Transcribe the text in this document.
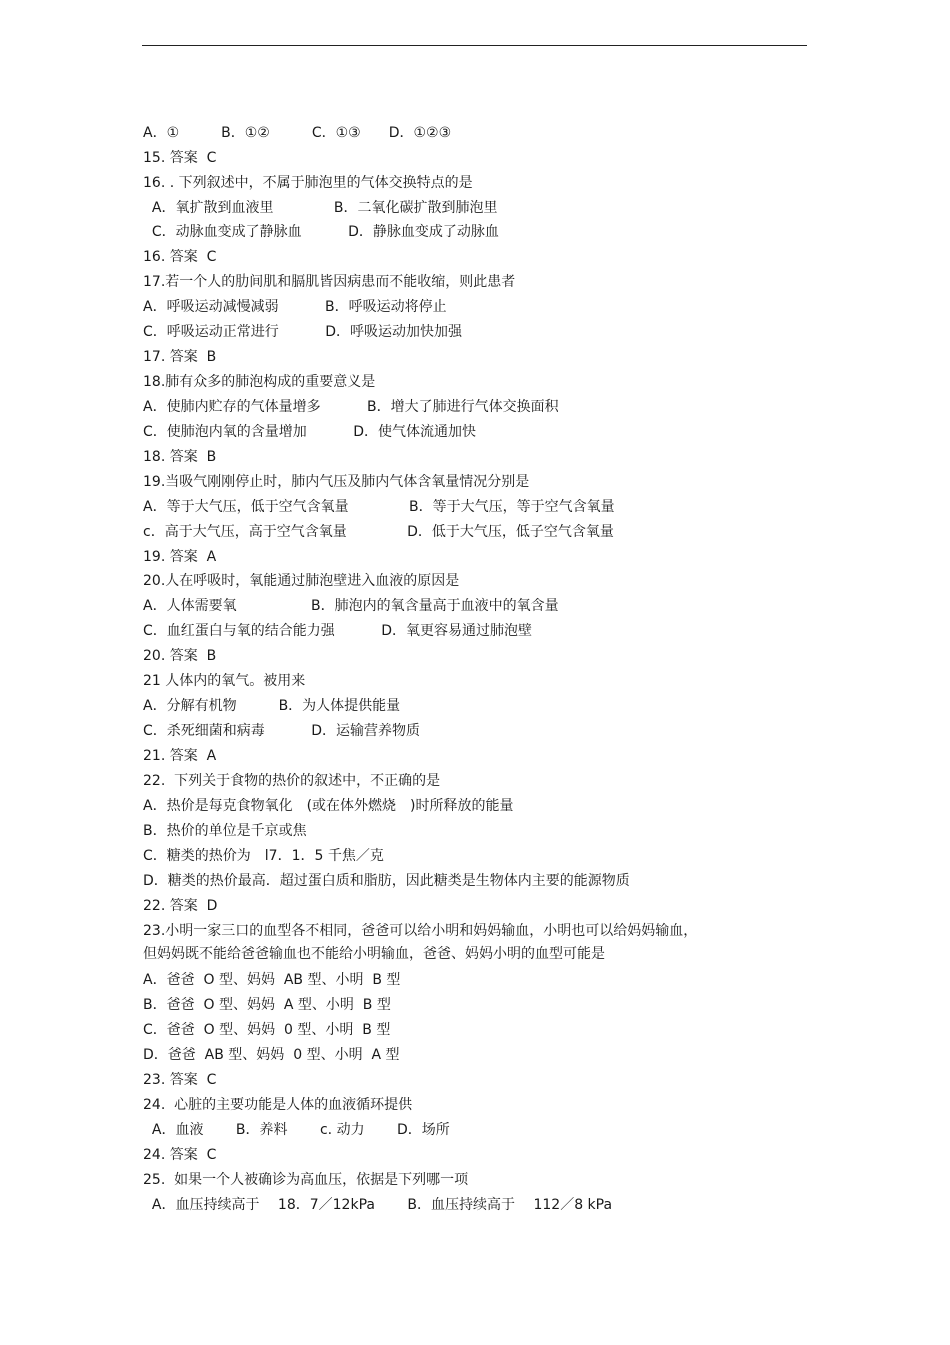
A．①　　　B．①②　　　C．①③　　D．①②③
15. 答案  C
16. . 下列叙述中，不属于肺泡里的气体交换特点的是
A．氧扩散到血液里　　　　 B．二氧化碳扩散到肺泡里
C．动脉血变成了静脉血　　　 D．静脉血变成了动脉血
16. 答案  C
17.若一个人的肋间肌和膈肌皆因病患而不能收缩，则此患者
A．呼吸运动减慢减弱　　　 B．呼吸运动将停止
C．呼吸运动正常进行　　　 D．呼吸运动加快加强
17. 答案  B
18.肺有众多的肺泡构成的重要意义是
A．使肺内贮存的气体量增多　　　 B．增大了肺进行气体交换面积
C．使肺泡内氧的含量增加　　　 D．使气体流通加快
18. 答案  B
19.当吸气刚刚停止时，肺内气压及肺内气体含氧量情况分别是
A．等于大气压，低于空气含氧量　　　　 B．等于大气压，等于空气含氧量
c．高于大气压，高于空气含氧量　　　　 D．低于大气压，低子空气含氧量
19. 答案  A
20.人在呼吸时，氧能通过肺泡壁进入血液的原因是
A．人体需要氧　　　　　 B．肺泡内的氧含量高于血液中的氧含量
C．血红蛋白与氧的结合能力强　　　 D．氧更容易通过肺泡壁
20. 答案  B
21 人体内的氧气。被用来
A．分解有机物　　　B．为人体提供能量
C．杀死细菌和病毒　　　 D．运输营养物质
21. 答案  A
22.  下列关于食物的热价的叙述中，不正确的是
A．热价是每克食物氧化　(或在体外燃烧　)时所释放的能量
B．热价的单位是千京或焦
C．糖类的热价为　l7．1．5 千焦／克
D．糖类的热价最高．超过蛋白质和脂肪，因此糖类是生物体内主要的能源物质
22. 答案  D
23.小明一家三口的血型各不相同，爸爸可以给小明和妈妈输血，小明也可以给妈妈输血，
但妈妈既不能给爸爸输血也不能给小明输血，爸爸、妈妈小明的血型可能是
A．爸爸  O 型、妈妈  AB 型、小明  B 型
B．爸爸  O 型、妈妈  A 型、小明  B 型
C．爸爸  O 型、妈妈  0 型、小明  B 型
D．爸爸  AB 型、妈妈  0 型、小明  A 型
23. 答案  C
24.  心脏的主要功能是人体的血液循环提供
A．血液　　 B．养料　　 c. 动力　　 D．场所
24. 答案  C
25.  如果一个人被确诊为高血压，依据是下列哪一项
A．血压持续高于　 18．7／12kPa　　 B．血压持续高于　 112／8 kPa
